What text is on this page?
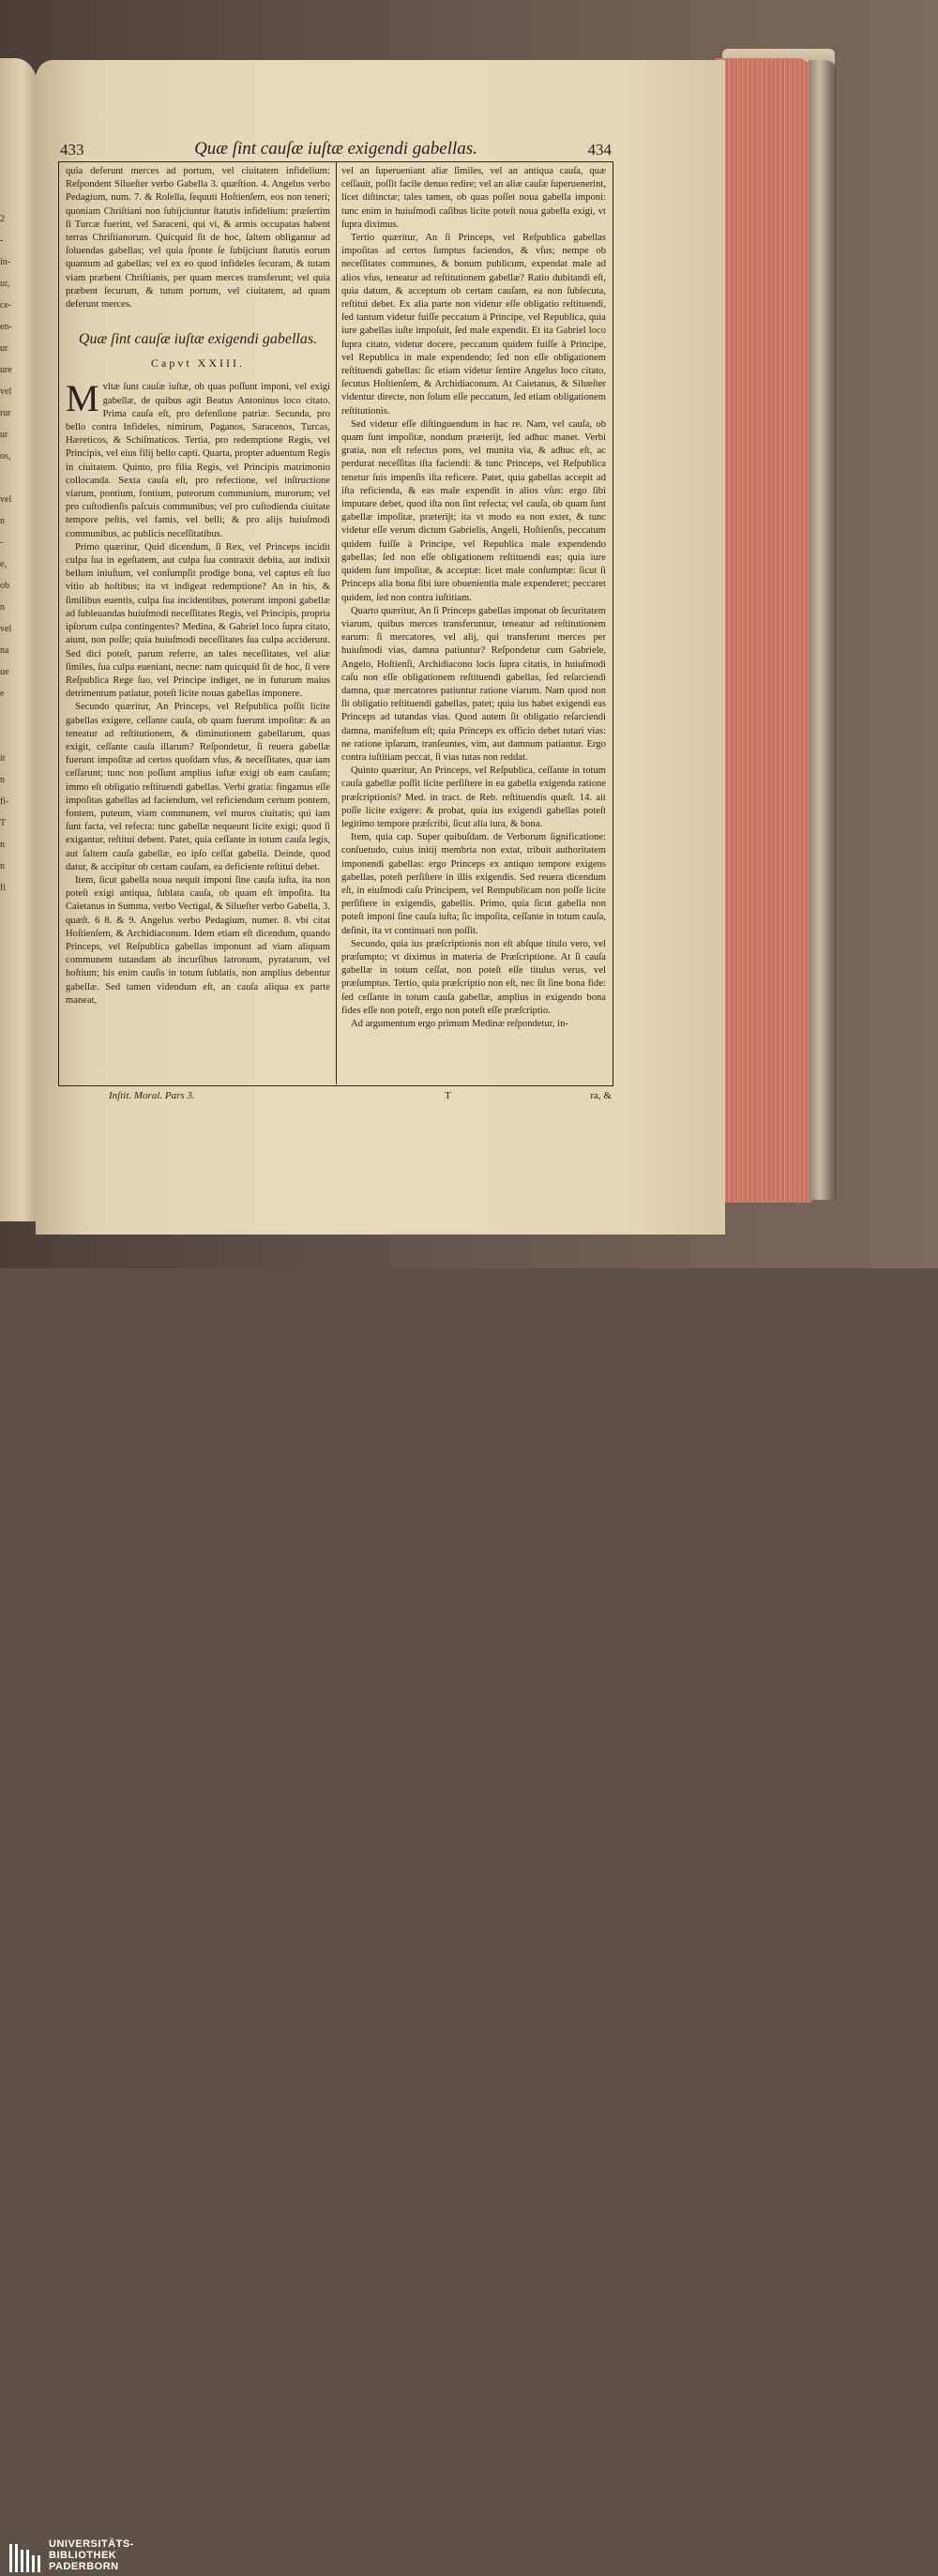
2
-
in-
ur,
ce-
en-
ur
ure
vel
rur
ur
os,

vel
n
-
e,
ob
n
vel
na
ue
e

it
n
fi-
T
n
n
fi
433	Quæ ſint cauſæ iuſtæ exigendi gabellas.	434

quia deferunt merces ad portum, vel ciuitatem infidelium: Reſpondent Silueſter verbo Gabella 3. quæſtion. 4. Angelus verbo Pedagium, num. 7. & Roſella, ſequuti Hoſtienſem, eos non teneri; quoniam Chriſtiani non ſubijciuntur ſtatutis infidelium: præſertim ſi Turcæ fuerint, vel Saraceni, qui vi, & armis occupatas habent terras Chriſtianorum. Quicquid ſit de hoc, ſaltem obligantur ad ſoluendas gabellas; vel quia ſponte ſe ſubijciunt ſtatutis eorum quantum ad gabellas; vel ex eo quod infideles ſecuram, & tutam viam præbent Chriſtianis, per quam merces transferunt; vel quia præbent ſecurum, & tutum portum, vel ciuitatem, ad quam deferunt merces.

Quæ ſint cauſæ iuſtæ exigendi gabellas.
Capvt XXIII.

Mvltæ ſunt cauſæ iuſtæ, ob quas poſſunt imponi, vel exigi gabellæ, de quibus agit Beatus Antoninus loco citato. Prima cauſa eſt, pro defenſione patriæ. Secunda, pro bello contra Infideles, nimirum, Paganos, Saracenos, Turcas, Hæreticos, & Schiſmaticos. Tertia, pro redemptione Regis, vel Principis, vel eius filij bello capti. Quarta, propter aduentum Regis in ciuitatem. Quinto, pro filia Regis, vel Principis matrimonio collocanda. Sexta cauſa eſt, pro refectione, vel inſtructione viarum, pontium, fontium, puteorum communium, murorum; vel pro cuſtodienſis paſcuis communibus; vel pro cuſtodienda ciuitate tempore peſtis, vel famis, vel belli; & pro alijs huiuſmodi communibus, ac publicis neceſſitatibus.

Primo quæritur, Quid dicendum, ſi Rex, vel Princeps incidit culpa ſua in egeſtatem, aut culpa ſua contraxit debita, aut indixit bellum iniuſtum, vel conſumpſit prodige bona, vel captus eſt ſuo vitio ab hoſtibus; ita vt indigeat redemptione? An in his, & ſimilibus euentis, culpa ſua incidentibus, poterunt imponi gabellæ ad ſubleuandas huiuſmodi neceſſitates Regis, vel Principis, propria ipſorum culpa contingentes? Medina, & Gabriel loco ſupra citato, aiunt, non poſſe; quia huiuſmodi neceſſitates ſua culpa acciderunt. Sed dici poteſt, parum referre, an tales neceſſitates, vel aliæ ſimiles, ſua culpa eueniant, necne: nam quicquid ſit de hoc, ſi vere Reſpublica Rege ſuo, vel Principe indiget, ne in futurum maius detrimentum patiatur, poteſt licite nouas gabellas imponere.

Secundo quæritur, An Princeps, vel Reſpublica poſſit licite gabellas exigere, ceſſante cauſa, ob quam fuerunt impoſitæ: & an teneatur ad reſtitutionem, & diminutionem gabellarum, quas exigit, ceſſante cauſa illarum? Reſpondetur, ſi reuera gabellæ fuerunt impoſitæ ad certos quoſdam vſus, & neceſſitates, quæ iam ceſſarunt; tunc non poſſunt amplius iuſtæ exigi ob eam cauſam; immo eſt obligatio reſtituendi gabellas. Verbi gratia: fingamus eſſe impoſitas gabellas ad faciendum, vel reficiendum certum pontem, fontem, puteum, viam communem, vel muros ciuitatis; qui iam ſunt facta, vel refecta: tunc gabellæ nequeunt licite exigi; quod ſi exigantur, reſtitui debent. Patet, quia ceſſante in totum cauſa legis, aut ſaltem cauſa gabellæ, eo ipſo ceſſat gabella. Deinde, quod datur, & accipitur ob certam cauſam, ea deficiente reſtitui debet.

Item, ſicut gabella noua nequit imponi ſine cauſa iuſta, ita non poteſt exigi antiqua, ſublata cauſa, ob quam eſt impoſita. Ita Caietanus in Summa, verbo Vectigal, & Silueſter verbo Gabella, 3. quæſt. 6 8. & 9. Angelus verbo Pedagium, numer. 8. vbi citat Hoſtienſem, & Archidiaconum. Idem etiam eſt dicendum, quando Princeps, vel Reſpublica gabellas imponunt ad viam aliquam communem tutandam ab incurſibus latronum, pyratarum, vel hoſtium; his enim cauſis in totum ſublatis, non amplius debentur gabellæ. Sed tamen videndum eſt, an cauſa aliqua ex parte maneat,

vel an ſuperueniant aliæ ſimiles, vel an antiqua cauſa, quæ ceſſauit, poſſit facile denuo redire; vel an aliæ cauſæ ſuperuenerint, licet diſtinctæ; tales tamen, ob quas poſſet noua gabella imponi: tunc enim in huiuſmodi caſibus licite poteſt noua gabella exigi, vt ſupra diximus.

Tertio quæritur, An ſi Princeps, vel Reſpublica gabellas impoſitas ad certos ſumptus faciendos, & vſus; nempe ob neceſſitates communes, & bonum publicum, expendat male ad alios vſus, teneatur ad reſtitutionem gabellæ? Ratio dubitandi eſt, quia datum, & acceptum ob certam cauſam, ea non ſubſecuta, reſtitui debet. Ex alia parte non videtur eſſe obligatio reſtituendi, ſed tantum videtur fuiſſe peccatum à Principe, vel Republica, quia iure gabellas iuſte impoſuit, ſed male expendit. Et ita Gabriel loco ſupra citato, videtur docere, peccatum quidem fuiſſe à Principe, vel Republica in male expendendo; ſed non eſſe obligationem reſtituendi gabellas: ſic etiam videtur ſentire Angelus loco citato, ſecutus Hoſtienſem, & Archidiaconum. At Caietanus, & Silueſter videntur directe, non ſolum eſſe peccatum, ſed etiam obligationem reſtitutionis.

Sed videtur eſſe diſtinguendum in hac re. Nam, vel cauſa, ob quam ſunt impoſitæ, nondum præterijt, ſed adhuc manet. Verbi gratia, non eſt refectus pons, vel munita via, & adhuc eſt, ac perdurat neceſſitas iſta faciendi: & tunc Princeps, vel Reſpublica tenetur ſuis impenſis iſta reficere. Patet, quia gabellas accepit ad iſta reficienda, & eas male expendit in alios vſus: ergo ſibi imputare debet, quod iſta non ſint refecta; vel cauſa, ob quam ſunt gabellæ impoſitæ, præterijt; ita vt modo ea non extet, & tunc videtur eſſe verum dictum Gabrielis, Angeli, Hoſtienſis, peccatum quidem fuiſſe à Principe, vel Republica male expendendo gabellas; ſed non eſſe obligationem reſtituendi eas; quia iure quidem ſunt impoſitæ, & acceptæ: licet male conſumptæ: ſicut ſi Princeps alia bona ſibi iure obuenientia male expenderet; peccaret quidem, ſed non contra iuſtitiam.

Quarto quæritur, An ſi Princeps gabellas imponat ob ſecuritatem viarum, quibus merces transferuntur, teneatur ad reſtitutionem earum: ſi mercatores, vel alij, qui transferunt merces per huiuſmodi vias, damna patiuntur? Reſpondetur cum Gabriele, Angelo, Hoſtienſi, Archidiacono locis ſupra citatis, in huiuſmodi caſu non eſſe obligationem reſtituendi gabellas, ſed reſarciendi damna, quæ mercatores patiuntur ratione viarum. Nam quod non ſit obligatio reſtituendi gabellas, patet; quia ius habet exigendi eas Princeps ad tutandas vias. Quod autem ſit obligatio reſarciendi damna, manifeſtum eſt; quia Princeps ex officio debet tutari vias: ne ratione ipſarum, tranſeuntes, vim, aut damnum patiantur. Ergo contra iuſtitiam peccat, ſi vias tutas non reddat.

Quinto quæritur, An Princeps, vel Reſpublica, ceſſante in totum cauſa gabellæ poſſit licite perſiſtere in ea gabella exigenda ratione præſcriptionis? Med. in tract. de Reb. reſtituendis quæſt. 14. ait poſſe licite exigere: & probat, quia ius exigendi gabellas poteſt legitimo tempore præſcribi, ſicut alia iura, & bona.

Item, quia cap. Super quibuſdam. de Verborum ſignificatione: conſuetudo, cuius initij membria non extat, tribuit authoritatem imponendi gabellas: ergo Princeps ex antiquo tempore exigens gabellas, poteſt perſiſtere in illis exigendis. Sed reuera dicendum eſt, in eiuſmodi caſu Principem, vel Rempublicam non poſſe licite perſiſtere in exigendis, gabellis. Primo, quia ſicut gabella non poteſt imponi ſine cauſa iuſta; ſic impoſita, ceſſante in totum cauſa, deſinit, ita vt continuari non poſſit.

Secundo, quia ius præſcriptionis non eſt abſque titulo vero, vel præſumpto; vt diximus in materia de Præſcriptione. At ſi cauſa gabellæ in totum ceſſat, non poteſt eſſe titulus verus, vel præſumptus. Tertio, quia præſcriptio non eſt, nec ſit ſine bona fide: ſed ceſſante in totum cauſa gabellæ, amplius in exigendo bona fides eſſe non poteſt, ergo non poteſt eſſe præſcriptio.

Ad argumentum ergo primum Medinæ reſpondetur, in-

Inſtit. Moral. Pars 3.	T	ra, &
UNIVERSITÄTS-
BIBLIOTHEK
PADERBORN
